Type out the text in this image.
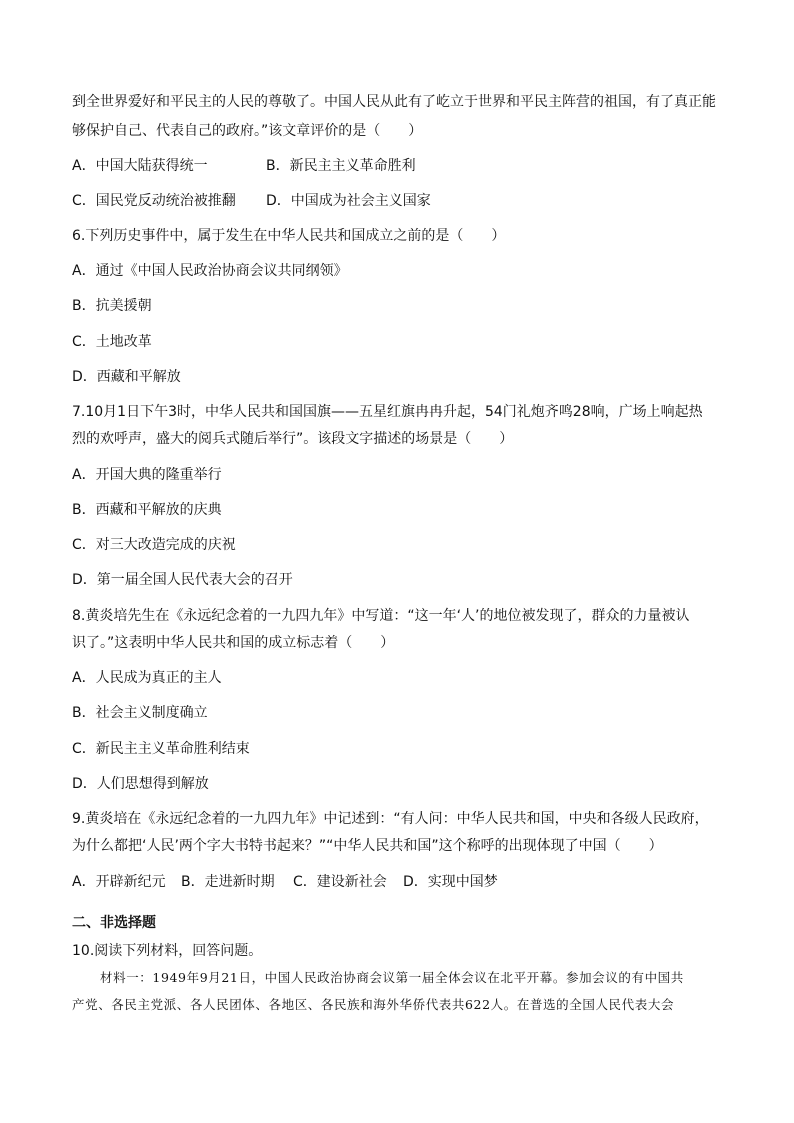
到全世界爱好和平民主的人民的尊敬了。中国人民从此有了屹立于世界和平民主阵营的祖国，有了真正能
够保护自己、代表自己的政府。”该文章评价的是（　　）
A．中国大陆获得统一	B．新民主主义革命胜利
C．国民党反动统治被推翻 D．中国成为社会主义国家
6.下列历史事件中，属于发生在中华人民共和国成立之前的是（　　）
A．通过《中国人民政治协商会议共同纲领》
B．抗美援朝
C．土地改革
D．西藏和平解放
7.10月1日下午3时，中华人民共和国国旗——五星红旗冉冉升起，54门礼炮齐鸣28响，广场上响起热
烈的欢呼声，盛大的阅兵式随后举行”。该段文字描述的场景是（　　）
A．开国大典的隆重举行
B．西藏和平解放的庆典
C．对三大改造完成的庆祝
D．第一届全国人民代表大会的召开
8.黄炎培先生在《永远纪念着的一九四九年》中写道：“这一年‘人’的地位被发现了，群众的力量被认
识了。”这表明中华人民共和国的成立标志着（　　）
A．人民成为真正的主人
B．社会主义制度确立
C．新民主主义革命胜利结束
D．人们思想得到解放
9.黄炎培在《永远纪念着的一九四九年》中记述到：“有人问：中华人民共和国，中央和各级人民政府，
为什么都把‘人民’两个字大书特书起来？”“中华人民共和国”这个称呼的出现体现了中国（　　）
A．开辟新纪元 B．走进新时期 C．建设新社会 D．实现中国梦
二、非选择题
10.阅读下列材料，回答问题。
材料一：1949年9月21日，中国人民政治协商会议第一届全体会议在北平开幕。参加会议的有中国共
产党、各民主党派、各人民团体、各地区、各民族和海外华侨代表共622人。在普选的全国人民代表大会
